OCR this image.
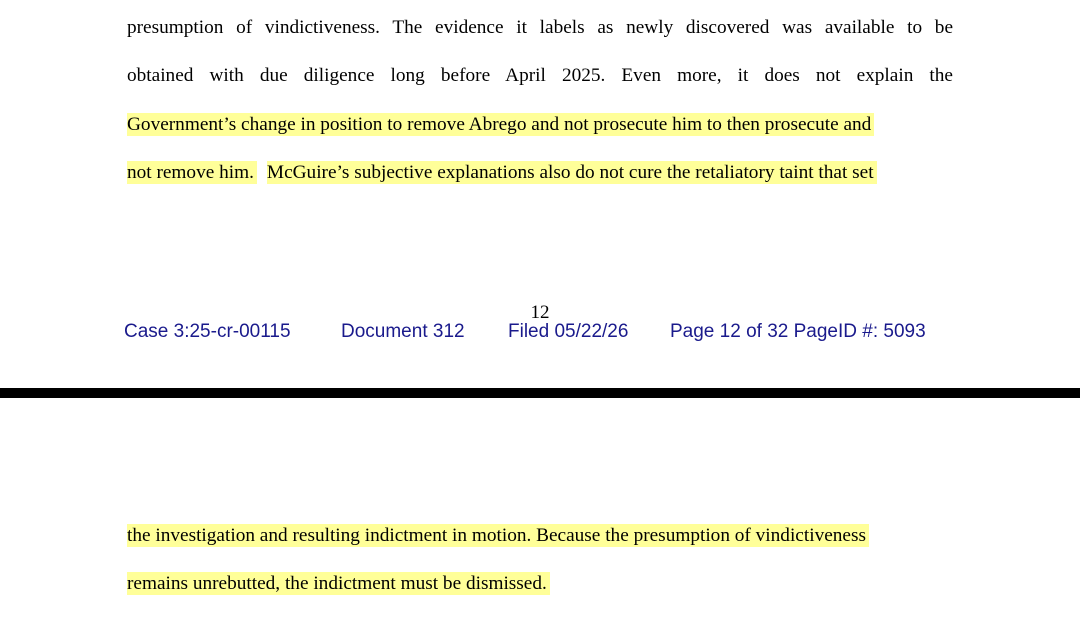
presumption of vindictiveness. The evidence it labels as newly discovered was available to be
obtained with due diligence long before April 2025. Even more, it does not explain the
Government’s change in position to remove Abrego and not prosecute him to then prosecute and
not remove him. McGuire’s subjective explanations also do not cure the retaliatory taint that set
12
Case 3:25-cr-00115	Document 312 Filed 05/22/26 Page 12 of 32 PageID #: 5093
the investigation and resulting indictment in motion. Because the presumption of vindictiveness
remains unrebutted, the indictment must be dismissed.
